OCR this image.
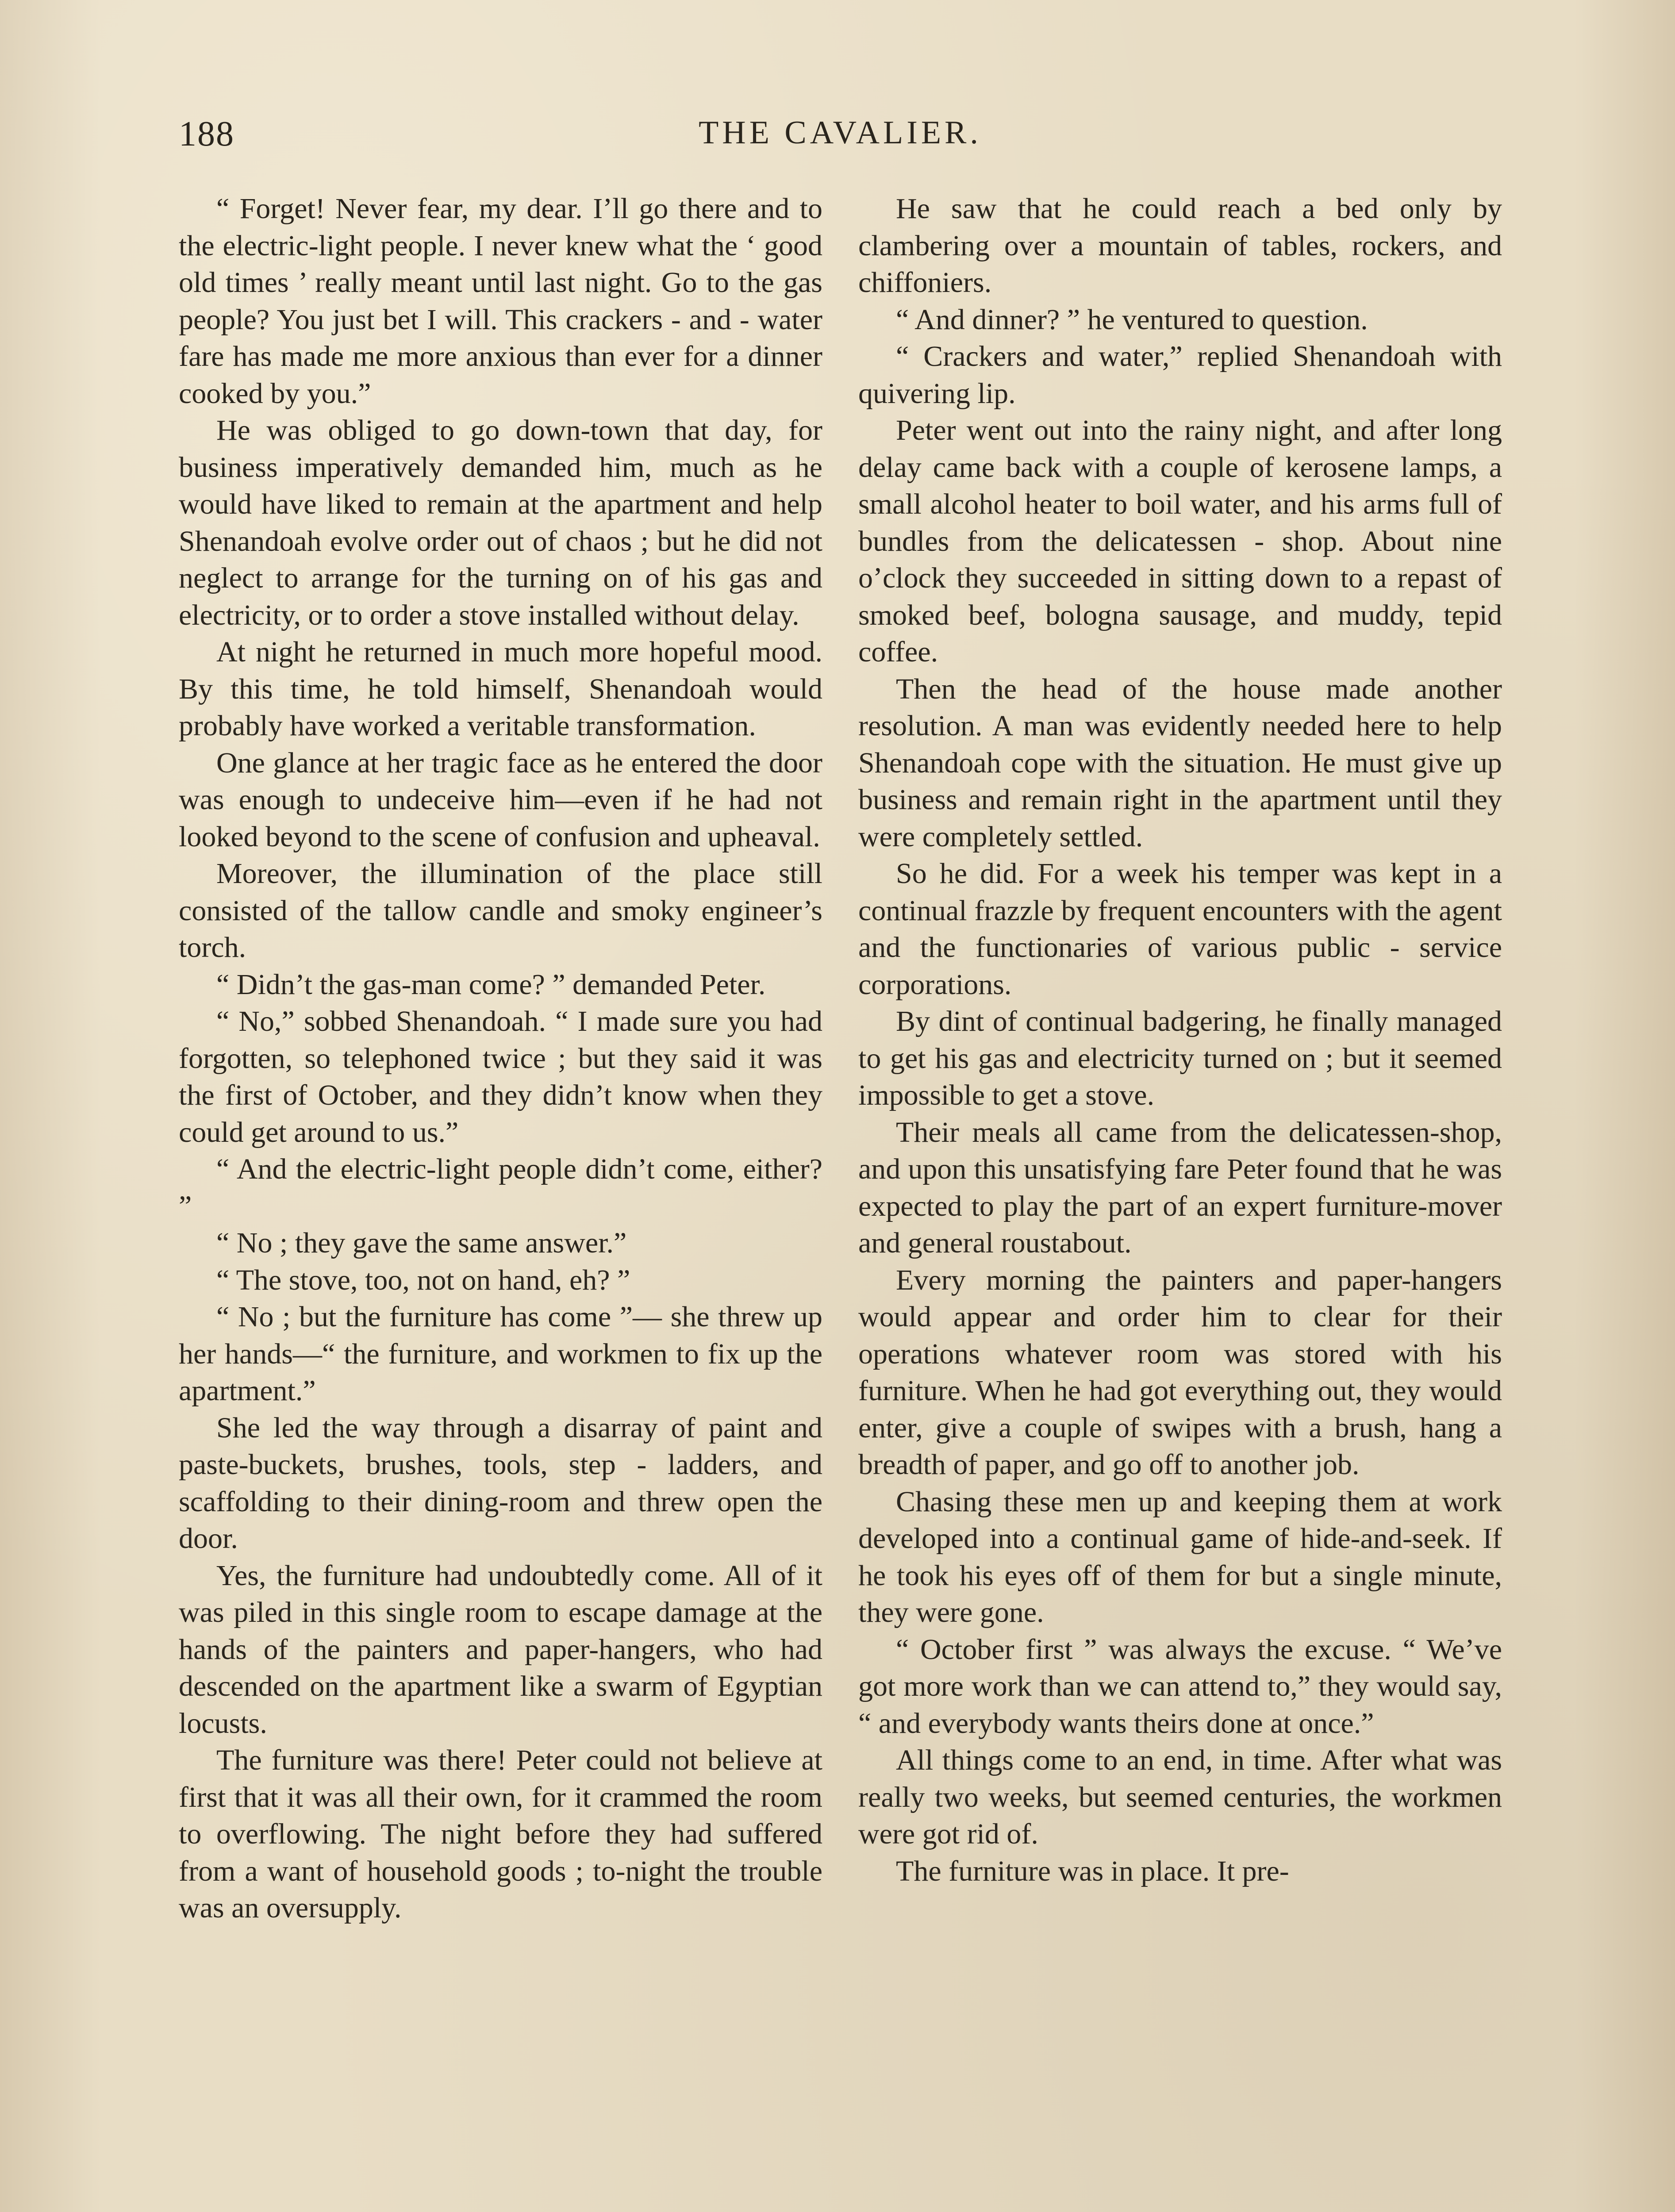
188	THE CAVALIER.

“ Forget! Never fear, my dear. I’ll go there and to the electric-light people. I never knew what the ‘ good old times ’ really meant until last night. Go to the gas people? You just bet I will. This crackers - and - water fare has made me more anxious than ever for a dinner cooked by you.”

He was obliged to go down-town that day, for business imperatively demanded him, much as he would have liked to remain at the apartment and help Shenandoah evolve order out of chaos ; but he did not neglect to arrange for the turning on of his gas and electricity, or to order a stove installed without delay.

At night he returned in much more hopeful mood. By this time, he told himself, Shenandoah would probably have worked a veritable transformation.

One glance at her tragic face as he entered the door was enough to undeceive him—even if he had not looked beyond to the scene of confusion and upheaval.

Moreover, the illumination of the place still consisted of the tallow candle and smoky engineer’s torch.

“ Didn’t the gas-man come? ” demanded Peter.

“ No,” sobbed Shenandoah. “ I made sure you had forgotten, so telephoned twice ; but they said it was the first of October, and they didn’t know when they could get around to us.”

“ And the electric-light people didn’t come, either? ”

“ No ; they gave the same answer.”

“ The stove, too, not on hand, eh? ”

“ No ; but the furniture has come ”— she threw up her hands—“ the furniture, and workmen to fix up the apartment.”

She led the way through a disarray of paint and paste-buckets, brushes, tools, step - ladders, and scaffolding to their dining-room and threw open the door.

Yes, the furniture had undoubtedly come. All of it was piled in this single room to escape damage at the hands of the painters and paper-hangers, who had descended on the apartment like a swarm of Egyptian locusts.

The furniture was there! Peter could not believe at first that it was all their own, for it crammed the room to overflowing. The night before they had suffered from a want of household goods ; to-night the trouble was an oversupply.

He saw that he could reach a bed only by clambering over a mountain of tables, rockers, and chiffoniers.

“ And dinner? ” he ventured to question.

“ Crackers and water,” replied Shenandoah with quivering lip.

Peter went out into the rainy night, and after long delay came back with a couple of kerosene lamps, a small alcohol heater to boil water, and his arms full of bundles from the delicatessen - shop. About nine o’clock they succeeded in sitting down to a repast of smoked beef, bologna sausage, and muddy, tepid coffee.

Then the head of the house made another resolution. A man was evidently needed here to help Shenandoah cope with the situation. He must give up business and remain right in the apartment until they were completely settled.

So he did. For a week his temper was kept in a continual frazzle by frequent encounters with the agent and the functionaries of various public - service corporations.

By dint of continual badgering, he finally managed to get his gas and electricity turned on ; but it seemed impossible to get a stove.

Their meals all came from the delicatessen-shop, and upon this unsatisfying fare Peter found that he was expected to play the part of an expert furniture-mover and general roustabout.

Every morning the painters and paper-hangers would appear and order him to clear for their operations whatever room was stored with his furniture. When he had got everything out, they would enter, give a couple of swipes with a brush, hang a breadth of paper, and go off to another job.

Chasing these men up and keeping them at work developed into a continual game of hide-and-seek. If he took his eyes off of them for but a single minute, they were gone.

“ October first ” was always the excuse. “ We’ve got more work than we can attend to,” they would say, “ and everybody wants theirs done at once.”

All things come to an end, in time. After what was really two weeks, but seemed centuries, the workmen were got rid of.

The furniture was in place. It pre-
